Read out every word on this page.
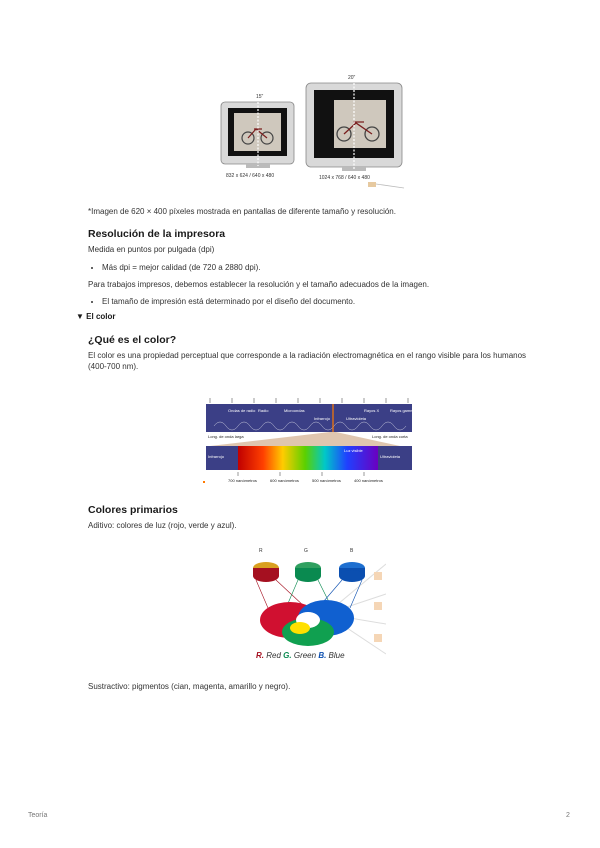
15"
832 x 624 / 640 x 480
20"
1024 x 768 / 640 x 480
*Imagen de 620 × 400 píxeles mostrada en pantallas de diferente tamaño y resolución.
Resolución de la impresora
Medida en puntos por pulgada (dpi)
• Más dpi = mejor calidad (de 720 a 2880 dpi).
Para trabajos impresos, debemos establecer la resolución y el tamaño adecuados de la imagen.
• El tamaño de impresión está determinado por el diseño del documento.
▼ El color
¿Qué es el color?
El color es una propiedad perceptual que corresponde a la radiación electromagnética en el rango visible para los humanos (400-700 nm).
Ondas de radio Radio	Microondas
Infrarrojo	Ultravioleta
Rayos X	Rayos gamma
Long. de onda larga	Long. de onda corta
Infrarrojo	Ultravioleta
Luz visible
700 nanómetros	600 nanómetros	500 nanómetros	400 nanómetros
Colores primarios
Aditivo: colores de luz (rojo, verde y azul).
R	G	B
R. Red G. Green B. Blue
Sustractivo: pigmentos (cian, magenta, amarillo y negro).
Teoría	2
